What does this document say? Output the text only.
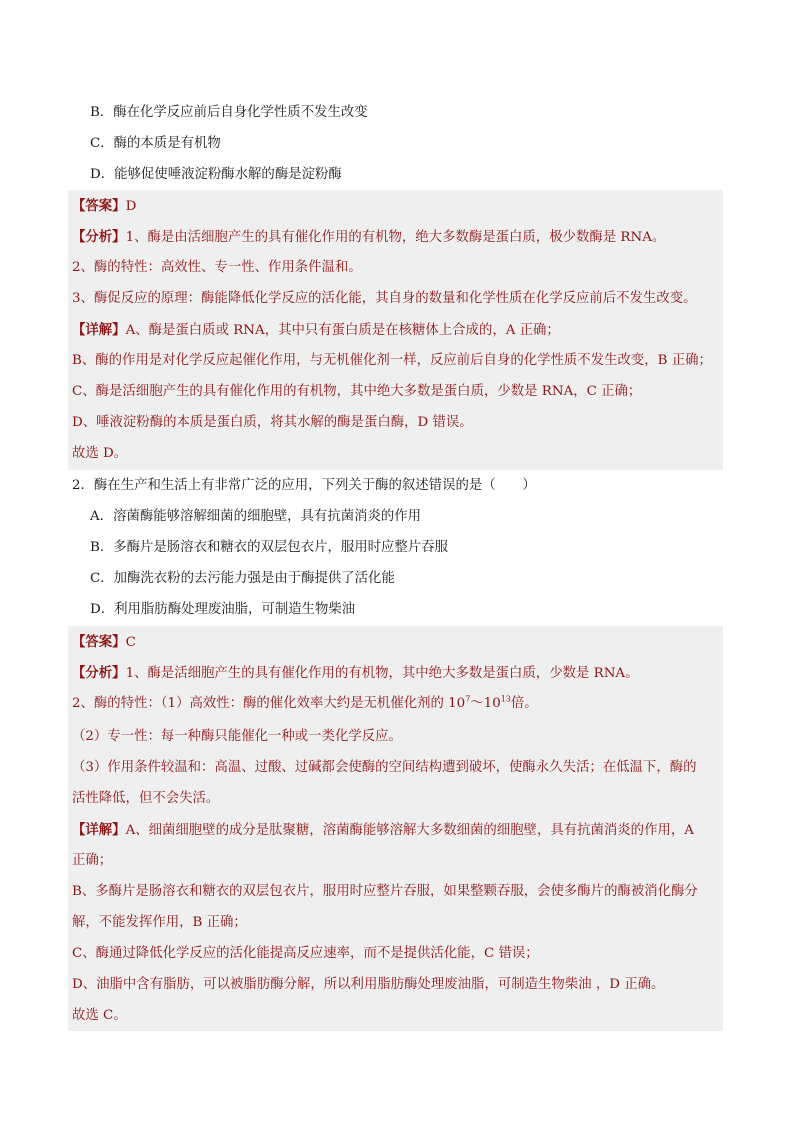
B．酶在化学反应前后自身化学性质不发生改变
C．酶的本质是有机物
D．能够促使唾液淀粉酶水解的酶是淀粉酶
【答案】D
【分析】1、酶是由活细胞产生的具有催化作用的有机物，绝大多数酶是蛋白质，极少数酶是 RNA。
2、酶的特性：高效性、专一性、作用条件温和。
3、酶促反应的原理：酶能降低化学反应的活化能，其自身的数量和化学性质在化学反应前后不发生改变。
【详解】A、酶是蛋白质或 RNA，其中只有蛋白质是在核糖体上合成的，A 正确；
B、酶的作用是对化学反应起催化作用，与无机催化剂一样，反应前后自身的化学性质不发生改变，B 正确；
C、酶是活细胞产生的具有催化作用的有机物，其中绝大多数是蛋白质，少数是 RNA，C 正确；
D、唾液淀粉酶的本质是蛋白质，将其水解的酶是蛋白酶，D 错误。
故选 D。
2．酶在生产和生活上有非常广泛的应用，下列关于酶的叙述错误的是（　　）
A．溶菌酶能够溶解细菌的细胞壁，具有抗菌消炎的作用
B．多酶片是肠溶衣和糖衣的双层包衣片，服用时应整片吞服
C．加酶洗衣粉的去污能力强是由于酶提供了活化能
D．利用脂肪酶处理废油脂，可制造生物柴油
【答案】C
【分析】1、酶是活细胞产生的具有催化作用的有机物，其中绝大多数是蛋白质，少数是 RNA。
2、酶的特性：（1）高效性：酶的催化效率大约是无机催化剂的 $10^7\sim 10^{13}$倍。
（2）专一性：每一种酶只能催化一种或一类化学反应。
（3）作用条件较温和：高温、过酸、过碱都会使酶的空间结构遭到破坏，使酶永久失活；在低温下，酶的
活性降低，但不会失活。
【详解】A、细菌细胞壁的成分是肽聚糖，溶菌酶能够溶解大多数细菌的细胞壁，具有抗菌消炎的作用，A
正确；
B、多酶片是肠溶衣和糖衣的双层包衣片，服用时应整片吞服，如果整颗吞服，会使多酶片的酶被消化酶分
解，不能发挥作用，B 正确；
C、酶通过降低化学反应的活化能提高反应速率，而不是提供活化能，C 错误；
D、油脂中含有脂肪，可以被脂肪酶分解，所以利用脂肪酶处理废油脂，可制造生物柴油 ，D 正确。
故选 C。
